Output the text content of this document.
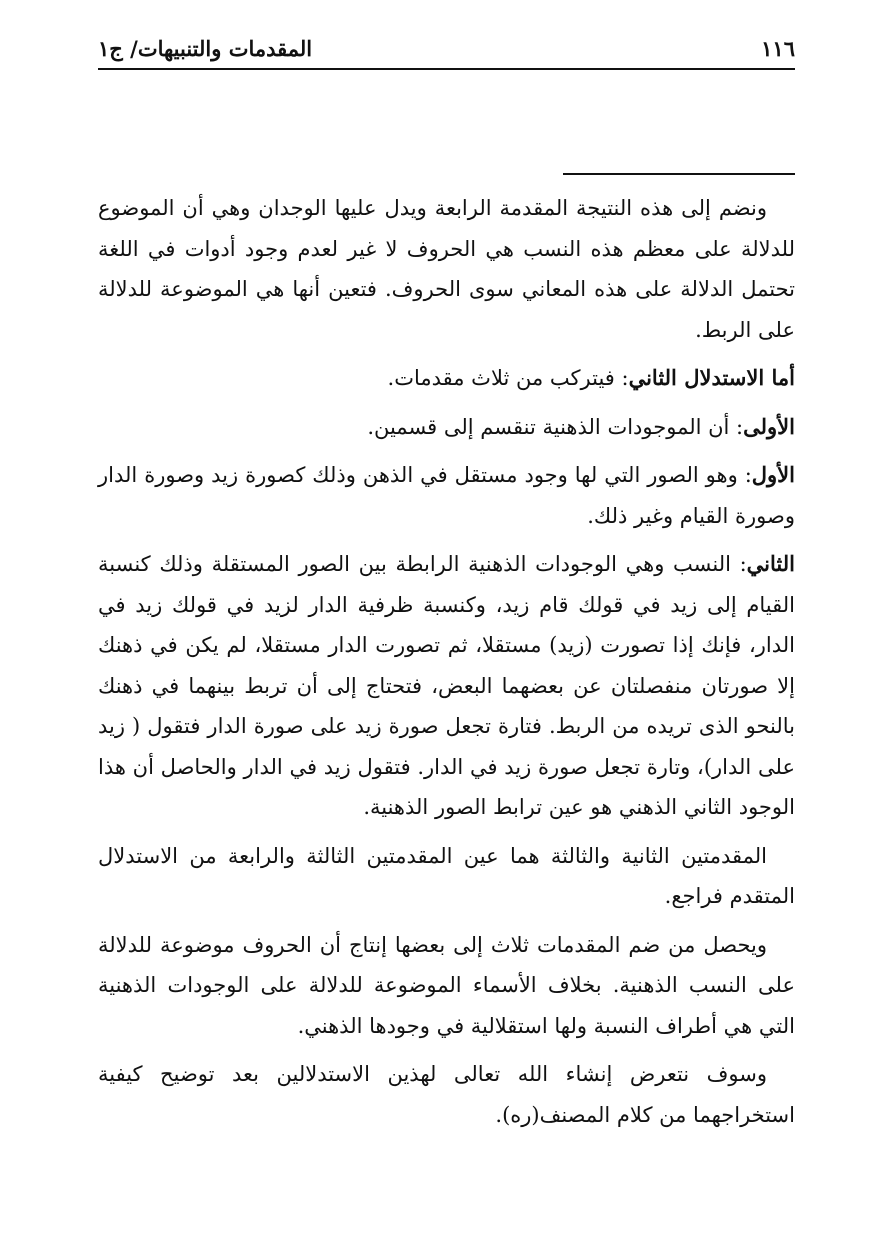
١١٦
المقدمات والتنبيهات/ ج١

ونضم إلى هذه النتيجة المقدمة الرابعة ويدل عليها الوجدان وهي أن الموضوع للدلالة على معظم هذه النسب هي الحروف لا غير لعدم وجود أدوات في اللغة تحتمل الدلالة على هذه المعاني سوى الحروف. فتعين أنها هي الموضوعة للدلالة على الربط.

أما الاستدلال الثاني: فيتركب من ثلاث مقدمات.

الأولى: أن الموجودات الذهنية تنقسم إلى قسمين.

الأول: وهو الصور التي لها وجود مستقل في الذهن وذلك كصورة زيد وصورة الدار وصورة القيام وغير ذلك.

الثاني: النسب وهي الوجودات الذهنية الرابطة بين الصور المستقلة وذلك كنسبة القيام إلى زيد في قولك قام زيد، وكنسبة ظرفية الدار لزيد في قولك زيد في الدار، فإنك إذا تصورت (زيد) مستقلا، ثم تصورت الدار مستقلا، لم يكن في ذهنك إلا صورتان منفصلتان عن بعضهما البعض، فتحتاج إلى أن تربط بينهما في ذهنك بالنحو الذى تريده من الربط. فتارة تجعل صورة زيد على صورة الدار فتقول ( زيد على الدار)، وتارة تجعل صورة زيد في الدار. فتقول زيد في الدار والحاصل أن هذا الوجود الثاني الذهني هو عين ترابط الصور الذهنية.

المقدمتين الثانية والثالثة هما عين المقدمتين الثالثة والرابعة من الاستدلال المتقدم فراجع.

ويحصل من ضم المقدمات ثلاث إلى بعضها إنتاج أن الحروف موضوعة للدلالة على النسب الذهنية. بخلاف الأسماء الموضوعة للدلالة على الوجودات الذهنية التي هي أطراف النسبة ولها استقلالية في وجودها الذهني.

وسوف نتعرض إنشاء الله تعالى لهذين الاستدلالين بعد توضيح كيفية استخراجهما من كلام المصنف(ره).
